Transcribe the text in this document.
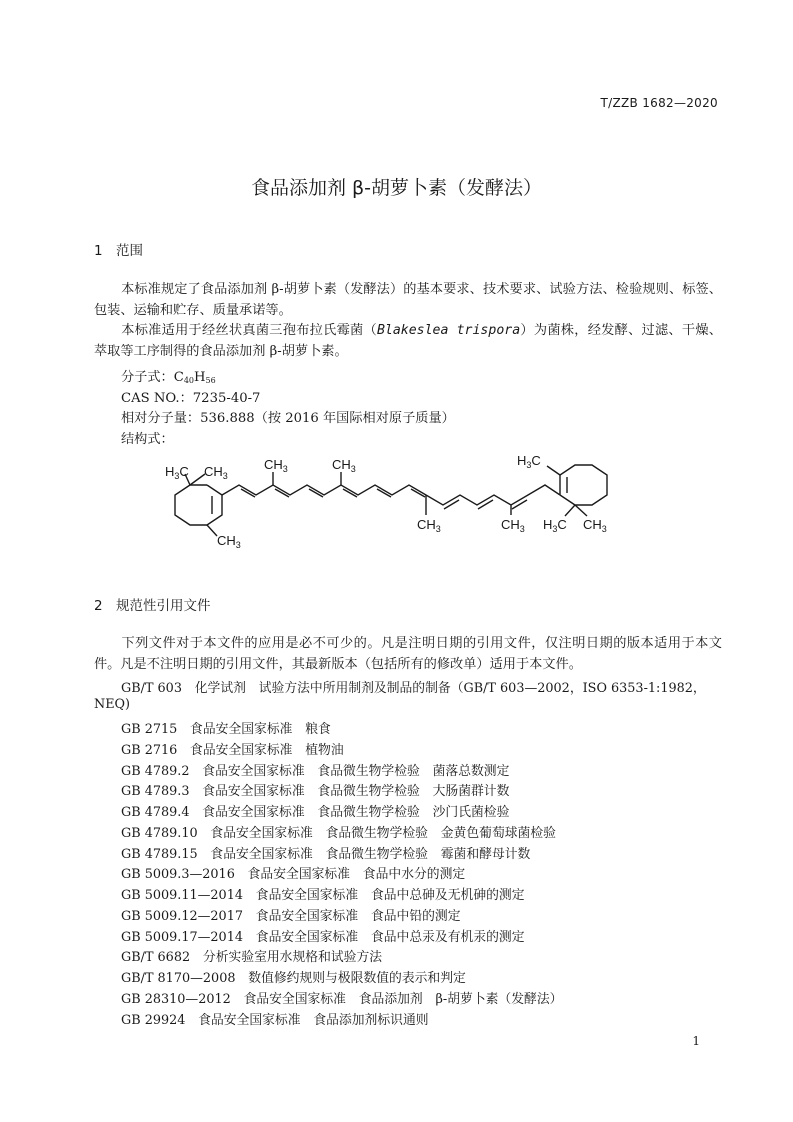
T/ZZB 1682—2020
食品添加剂 β-胡萝卜素（发酵法）
1 范围
本标准规定了食品添加剂 β-胡萝卜素（发酵法）的基本要求、技术要求、试验方法、检验规则、标签、包装、运输和贮存、质量承诺等。
本标准适用于经丝状真菌三孢布拉氏霉菌（Blakeslea trispora）为菌株，经发酵、过滤、干燥、萃取等工序制得的食品添加剂 β-胡萝卜素。
分子式：$C_{40}H_{56}$
CAS NO.：7235-40-7
相对分子量：536.888（按 2016 年国际相对原子质量）
结构式：
$H_3C$ $CH_3$
$CH_3$
$CH_3$	$CH_3$
$CH_3$	$CH_3$
$H_3C$
$H_3C$ $CH_3$
2 规范性引用文件
下列文件对于本文件的应用是必不可少的。凡是注明日期的引用文件，仅注明日期的版本适用于本文件。凡是不注明日期的引用文件，其最新版本（包括所有的修改单）适用于本文件。
GB/T 603　化学试剂　试验方法中所用制剂及制品的制备（GB/T 603—2002，ISO 6353-1:1982，
NEQ)
GB 2715　食品安全国家标准　粮食
GB 2716　食品安全国家标准　植物油
GB 4789.2　食品安全国家标准　食品微生物学检验　菌落总数测定
GB 4789.3　食品安全国家标准　食品微生物学检验　大肠菌群计数
GB 4789.4　食品安全国家标准　食品微生物学检验　沙门氏菌检验
GB 4789.10　食品安全国家标准　食品微生物学检验　金黄色葡萄球菌检验
GB 4789.15　食品安全国家标准　食品微生物学检验　霉菌和酵母计数
GB 5009.3—2016　食品安全国家标准　食品中水分的测定
GB 5009.11—2014　食品安全国家标准　食品中总砷及无机砷的测定
GB 5009.12—2017　食品安全国家标准　食品中铅的测定
GB 5009.17—2014　食品安全国家标准　食品中总汞及有机汞的测定
GB/T 6682　分析实验室用水规格和试验方法
GB/T 8170—2008　数值修约规则与极限数值的表示和判定
GB 28310—2012　食品安全国家标准　食品添加剂　β-胡萝卜素（发酵法）
GB 29924　食品安全国家标准　食品添加剂标识通则
1
